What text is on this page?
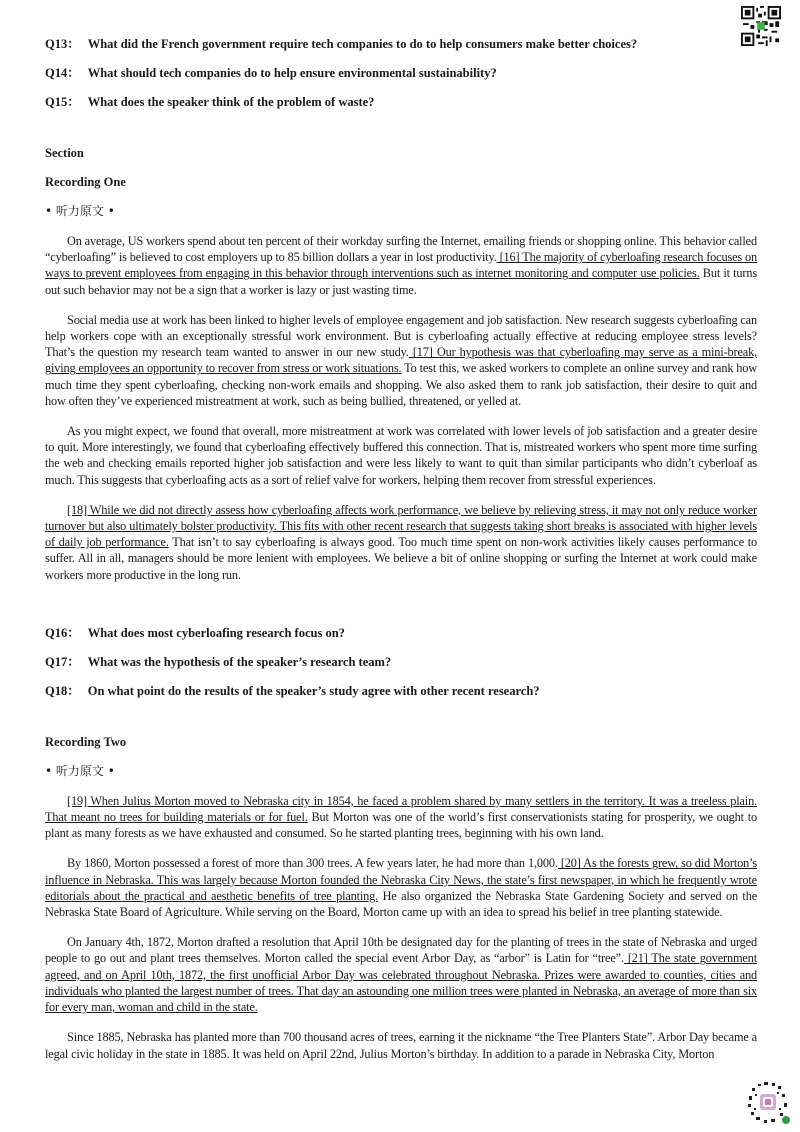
Q13： What did the French government require tech companies to do to help consumers make better choices?
Q14： What should tech companies do to help ensure environmental sustainability?
Q15： What does the speaker think of the problem of waste?
Section
Recording One
• 听力原文 •

On average, US workers spend about ten percent of their workday surfing the Internet, emailing friends or shopping online. This behavior called “cyberloafing” is believed to cost employers up to 85 billion dollars a year in lost productivity. [16] The majority of cyberloafing research focuses on ways to prevent employees from engaging in this behavior through interventions such as internet monitoring and computer use policies. But it turns out such behavior may not be a sign that a worker is lazy or just wasting time.

Social media use at work has been linked to higher levels of employee engagement and job satisfaction. New research suggests cyberloafing can help workers cope with an exceptionally stressful work environment. But is cyberloafing actually effective at reducing employee stress levels? That’s the question my research team wanted to answer in our new study. [17] Our hypothesis was that cyberloafing may serve as a mini-break, giving employees an opportunity to recover from stress or work situations. To test this, we asked workers to complete an online survey and rank how much time they spent cyberloafing, checking non-work emails and shopping. We also asked them to rank job satisfaction, their desire to quit and how often they’ve experienced mistreatment at work, such as being bullied, threatened, or yelled at.

As you might expect, we found that overall, more mistreatment at work was correlated with lower levels of job satisfaction and a greater desire to quit. More interestingly, we found that cyberloafing effectively buffered this connection. That is, mistreated workers who spent more time surfing the web and checking emails reported higher job satisfaction and were less likely to want to quit than similar participants who didn’t cyberloaf as much. This suggests that cyberloafing acts as a sort of relief valve for workers, helping them recover from stressful experiences.

[18] While we did not directly assess how cyberloafing affects work performance, we believe by relieving stress, it may not only reduce worker turnover but also ultimately bolster productivity. This fits with other recent research that suggests taking short breaks is associated with higher levels of daily job performance. That isn’t to say cyberloafing is always good. Too much time spent on non-work activities likely causes performance to suffer. All in all, managers should be more lenient with employees. We believe a bit of online shopping or surfing the Internet at work could make workers more productive in the long run.

Q16： What does most cyberloafing research focus on?
Q17： What was the hypothesis of the speaker’s research team?
Q18： On what point do the results of the speaker’s study agree with other recent research?
Recording Two
• 听力原文 •

[19] When Julius Morton moved to Nebraska city in 1854, he faced a problem shared by many settlers in the territory. It was a treeless plain. That meant no trees for building materials or for fuel. But Morton was one of the world’s first conservationists stating for prosperity, we ought to plant as many forests as we have exhausted and consumed. So he started planting trees, beginning with his own land.

By 1860, Morton possessed a forest of more than 300 trees. A few years later, he had more than 1,000. [20] As the forests grew, so did Morton’s influence in Nebraska. This was largely because Morton founded the Nebraska City News, the state’s first newspaper, in which he frequently wrote editorials about the practical and aesthetic benefits of tree planting. He also organized the Nebraska State Gardening Society and served on the Nebraska State Board of Agriculture. While serving on the Board, Morton came up with an idea to spread his belief in tree planting statewide.

On January 4th, 1872, Morton drafted a resolution that April 10th be designated day for the planting of trees in the state of Nebraska and urged people to go out and plant trees themselves. Morton called the special event Arbor Day, as “arbor” is Latin for “tree”. [21] The state government agreed, and on April 10th, 1872, the first unofficial Arbor Day was celebrated throughout Nebraska. Prizes were awarded to counties, cities and individuals who planted the largest number of trees. That day an astounding one million trees were planted in Nebraska, an average of more than six for every man, woman and child in the state.

Since 1885, Nebraska has planted more than 700 thousand acres of trees, earning it the nickname “the Tree Planters State”. Arbor Day became a legal civic holiday in the state in 1885. It was held on April 22nd, Julius Morton’s birthday. In addition to a parade in Nebraska City, Morton
